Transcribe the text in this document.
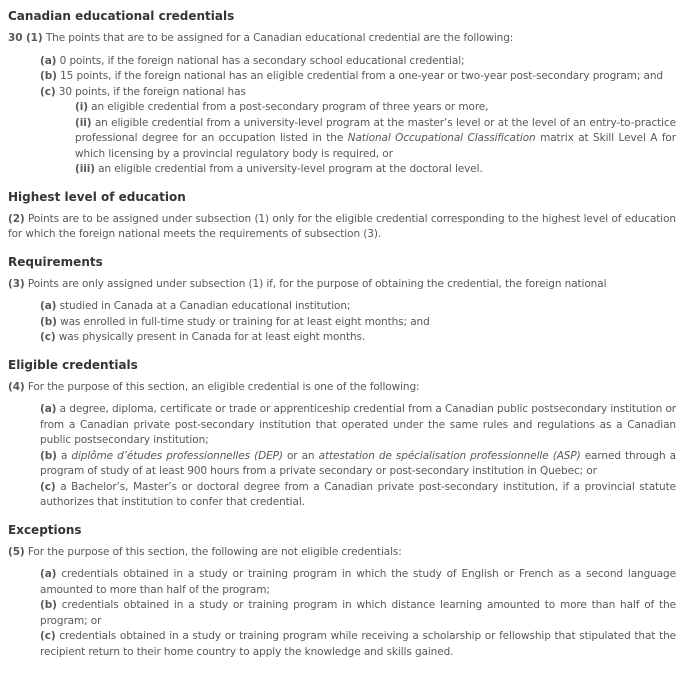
Canadian educational credentials

30 (1) The points that are to be assigned for a Canadian educational credential are the following:

(a) 0 points, if the foreign national has a secondary school educational credential;
(b) 15 points, if the foreign national has an eligible credential from a one-year or two-year post-secondary program; and
(c) 30 points, if the foreign national has
(i) an eligible credential from a post-secondary program of three years or more,
(ii) an eligible credential from a university-level program at the master’s level or at the level of an entry-to-practice professional degree for an occupation listed in the National Occupational Classification matrix at Skill Level A for which licensing by a provincial regulatory body is required, or
(iii) an eligible credential from a university-level program at the doctoral level.
Highest level of education

(2) Points are to be assigned under subsection (1) only for the eligible credential corresponding to the highest level of education for which the foreign national meets the requirements of subsection (3).

Requirements

(3) Points are only assigned under subsection (1) if, for the purpose of obtaining the credential, the foreign national

(a) studied in Canada at a Canadian educational institution;
(b) was enrolled in full-time study or training for at least eight months; and
(c) was physically present in Canada for at least eight months.
Eligible credentials

(4) For the purpose of this section, an eligible credential is one of the following:

(a) a degree, diploma, certificate or trade or apprenticeship credential from a Canadian public postsecondary institution or from a Canadian private post-secondary institution that operated under the same rules and regulations as a Canadian public postsecondary institution;
(b) a diplôme d’études professionnelles (DEP) or an attestation de spécialisation professionnelle (ASP) earned through a program of study of at least 900 hours from a private secondary or post-secondary institution in Quebec; or
(c) a Bachelor’s, Master’s or doctoral degree from a Canadian private post-secondary institution, if a provincial statute authorizes that institution to confer that credential.
Exceptions

(5) For the purpose of this section, the following are not eligible credentials:

(a) credentials obtained in a study or training program in which the study of English or French as a second language amounted to more than half of the program;
(b) credentials obtained in a study or training program in which distance learning amounted to more than half of the program; or
(c) credentials obtained in a study or training program while receiving a scholarship or fellowship that stipulated that the recipient return to their home country to apply the knowledge and skills gained.
